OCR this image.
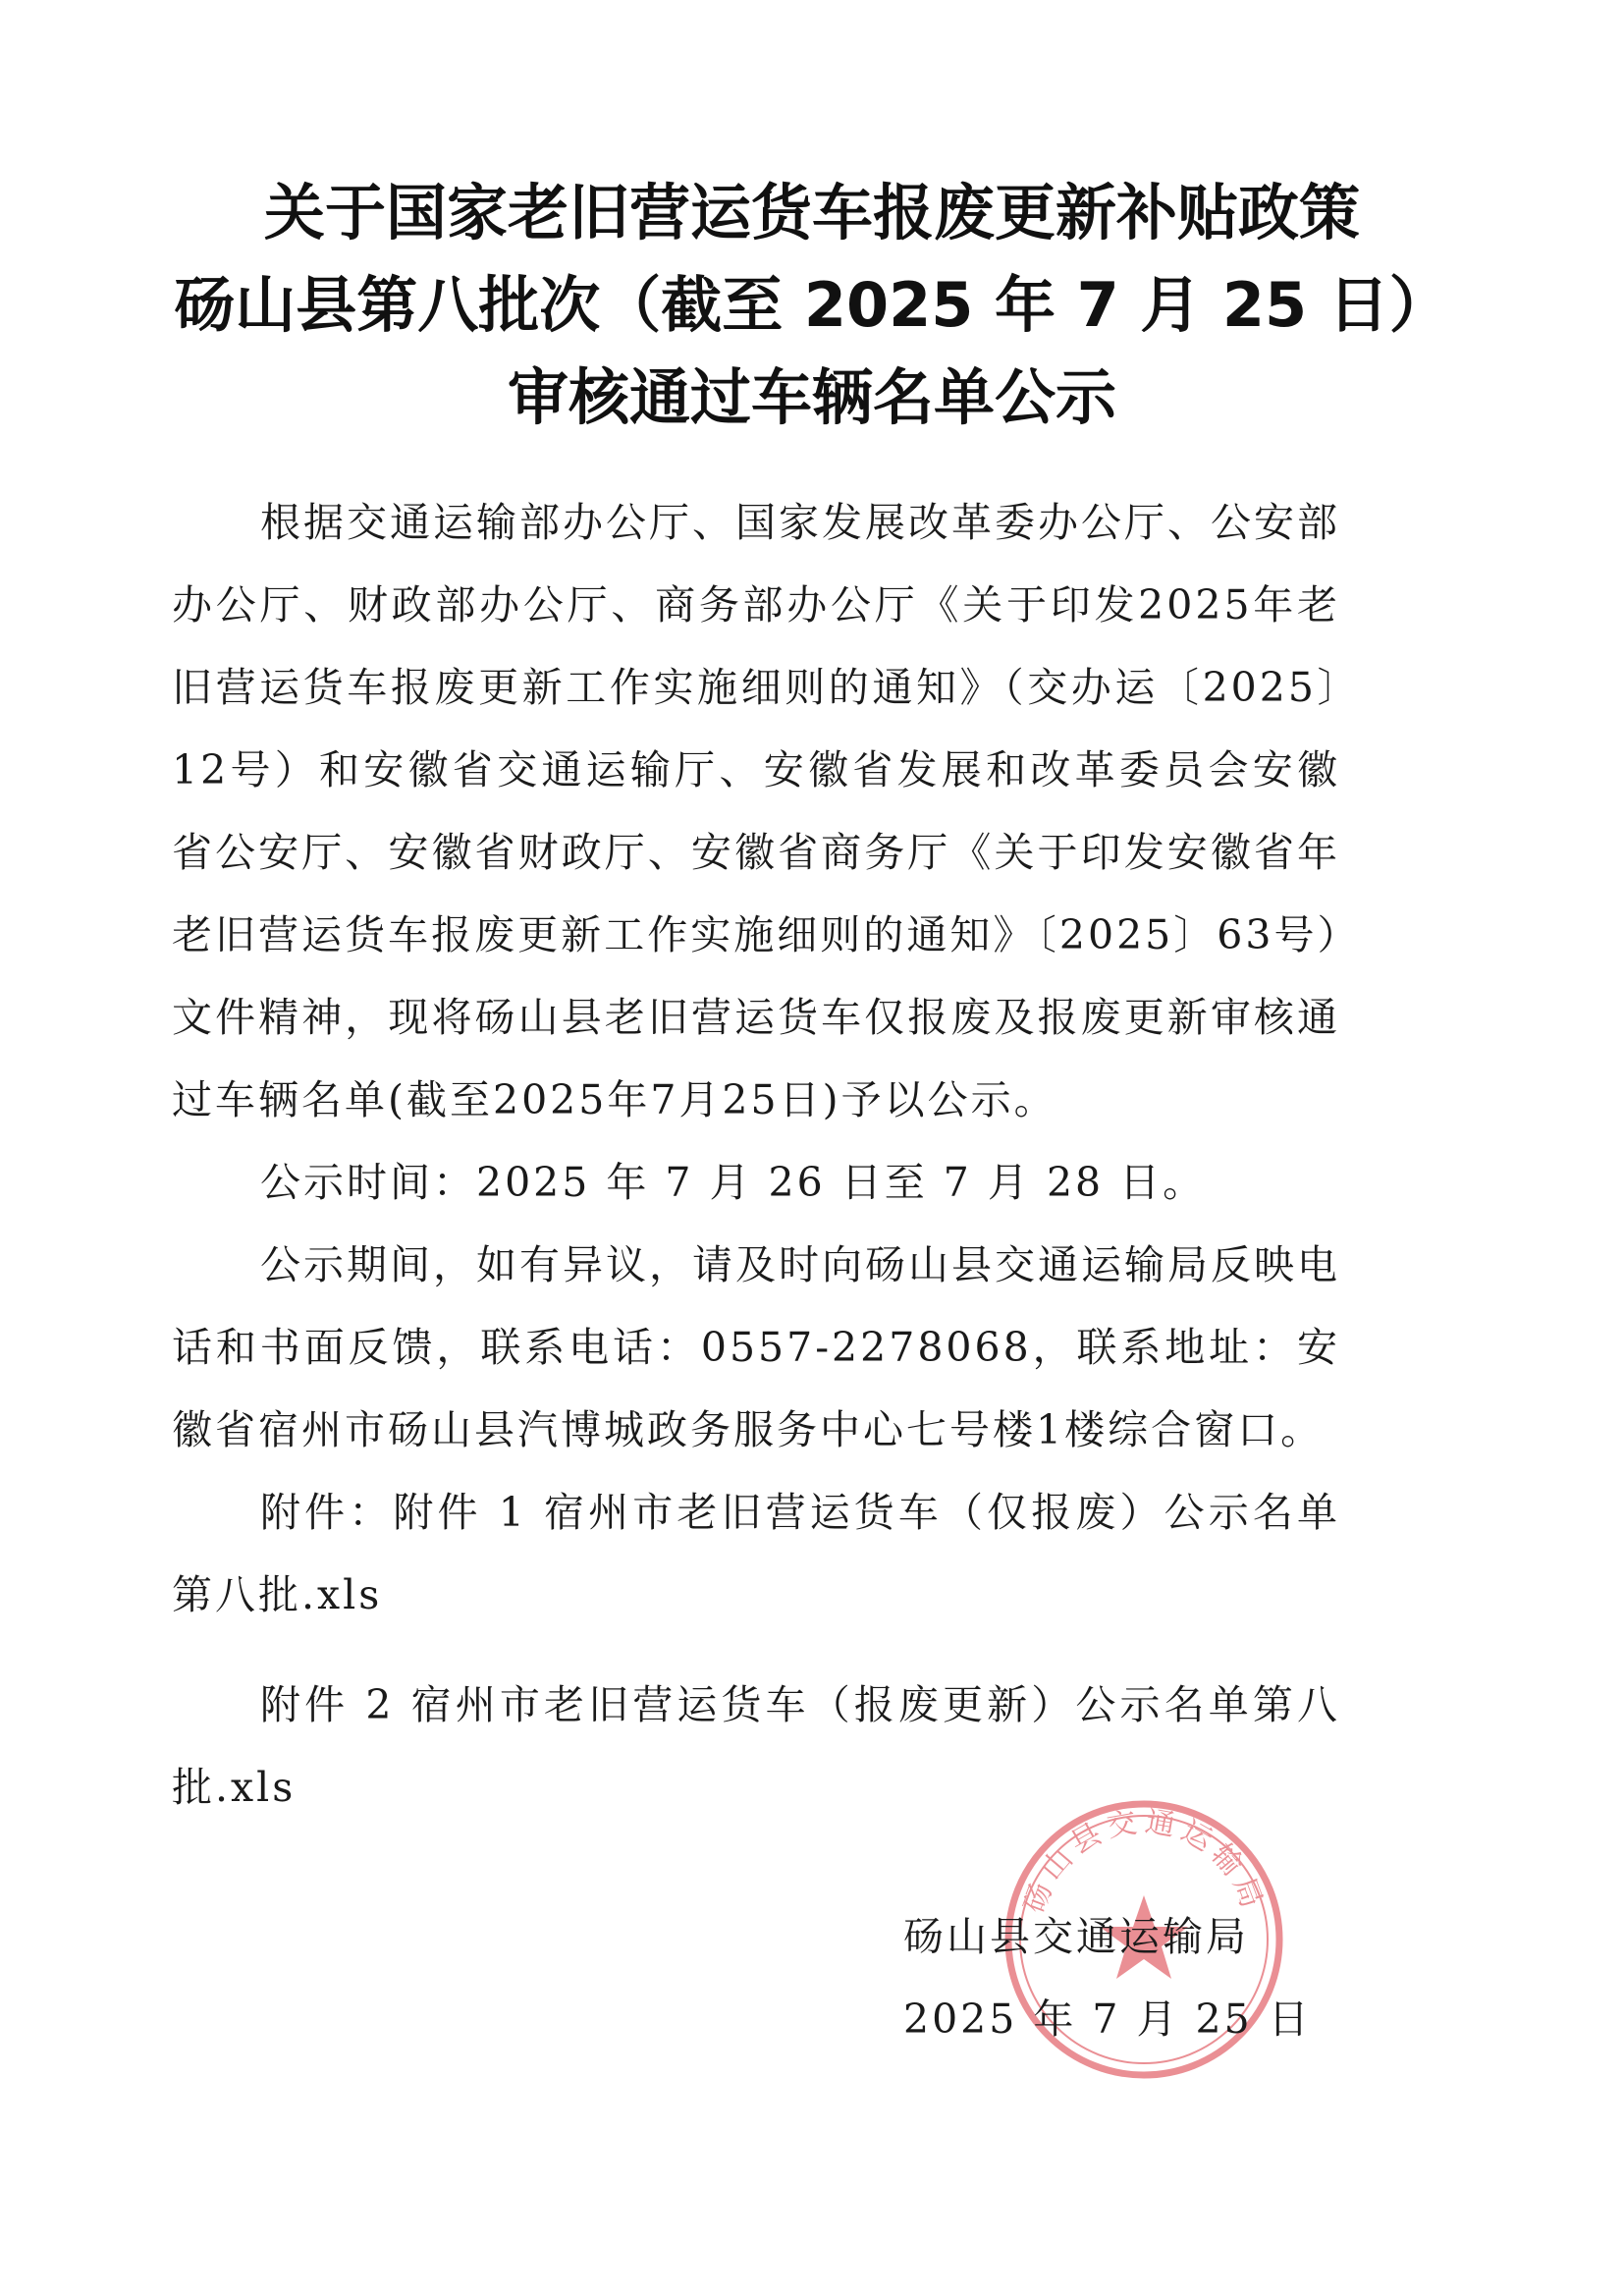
关于国家老旧营运货车报废更新补贴政策
砀山县第八批次（截至 2025 年 7 月 25 日）
审核通过车辆名单公示

根据交通运输部办公厅、国家发展改革委办公厅、公安部办公厅、财政部办公厅、商务部办公厅《关于印发2025年老旧营运货车报废更新工作实施细则的通知》（交办运〔2025〕12号）和安徽省交通运输厅、安徽省发展和改革委员会安徽省公安厅、安徽省财政厅、安徽省商务厅《关于印发安徽省年老旧营运货车报废更新工作实施细则的通知》〔2025〕63号）文件精神，现将砀山县老旧营运货车仅报废及报废更新审核通过车辆名单(截至2025年7月25日)予以公示。

公示时间：2025 年 7 月 26 日至 7 月 28 日。

公示期间，如有异议，请及时向砀山县交通运输局反映电话和书面反馈，联系电话：0557-2278068，联系地址：安徽省宿州市砀山县汽博城政务服务中心七号楼1楼综合窗口。

附件：附件 1 宿州市老旧营运货车（仅报废）公示名单第八批.xls

附件 2 宿州市老旧营运货车（报废更新）公示名单第八批.xls

砀山县交通运输局
砀山县交通运输局
2025 年 7 月 25 日
